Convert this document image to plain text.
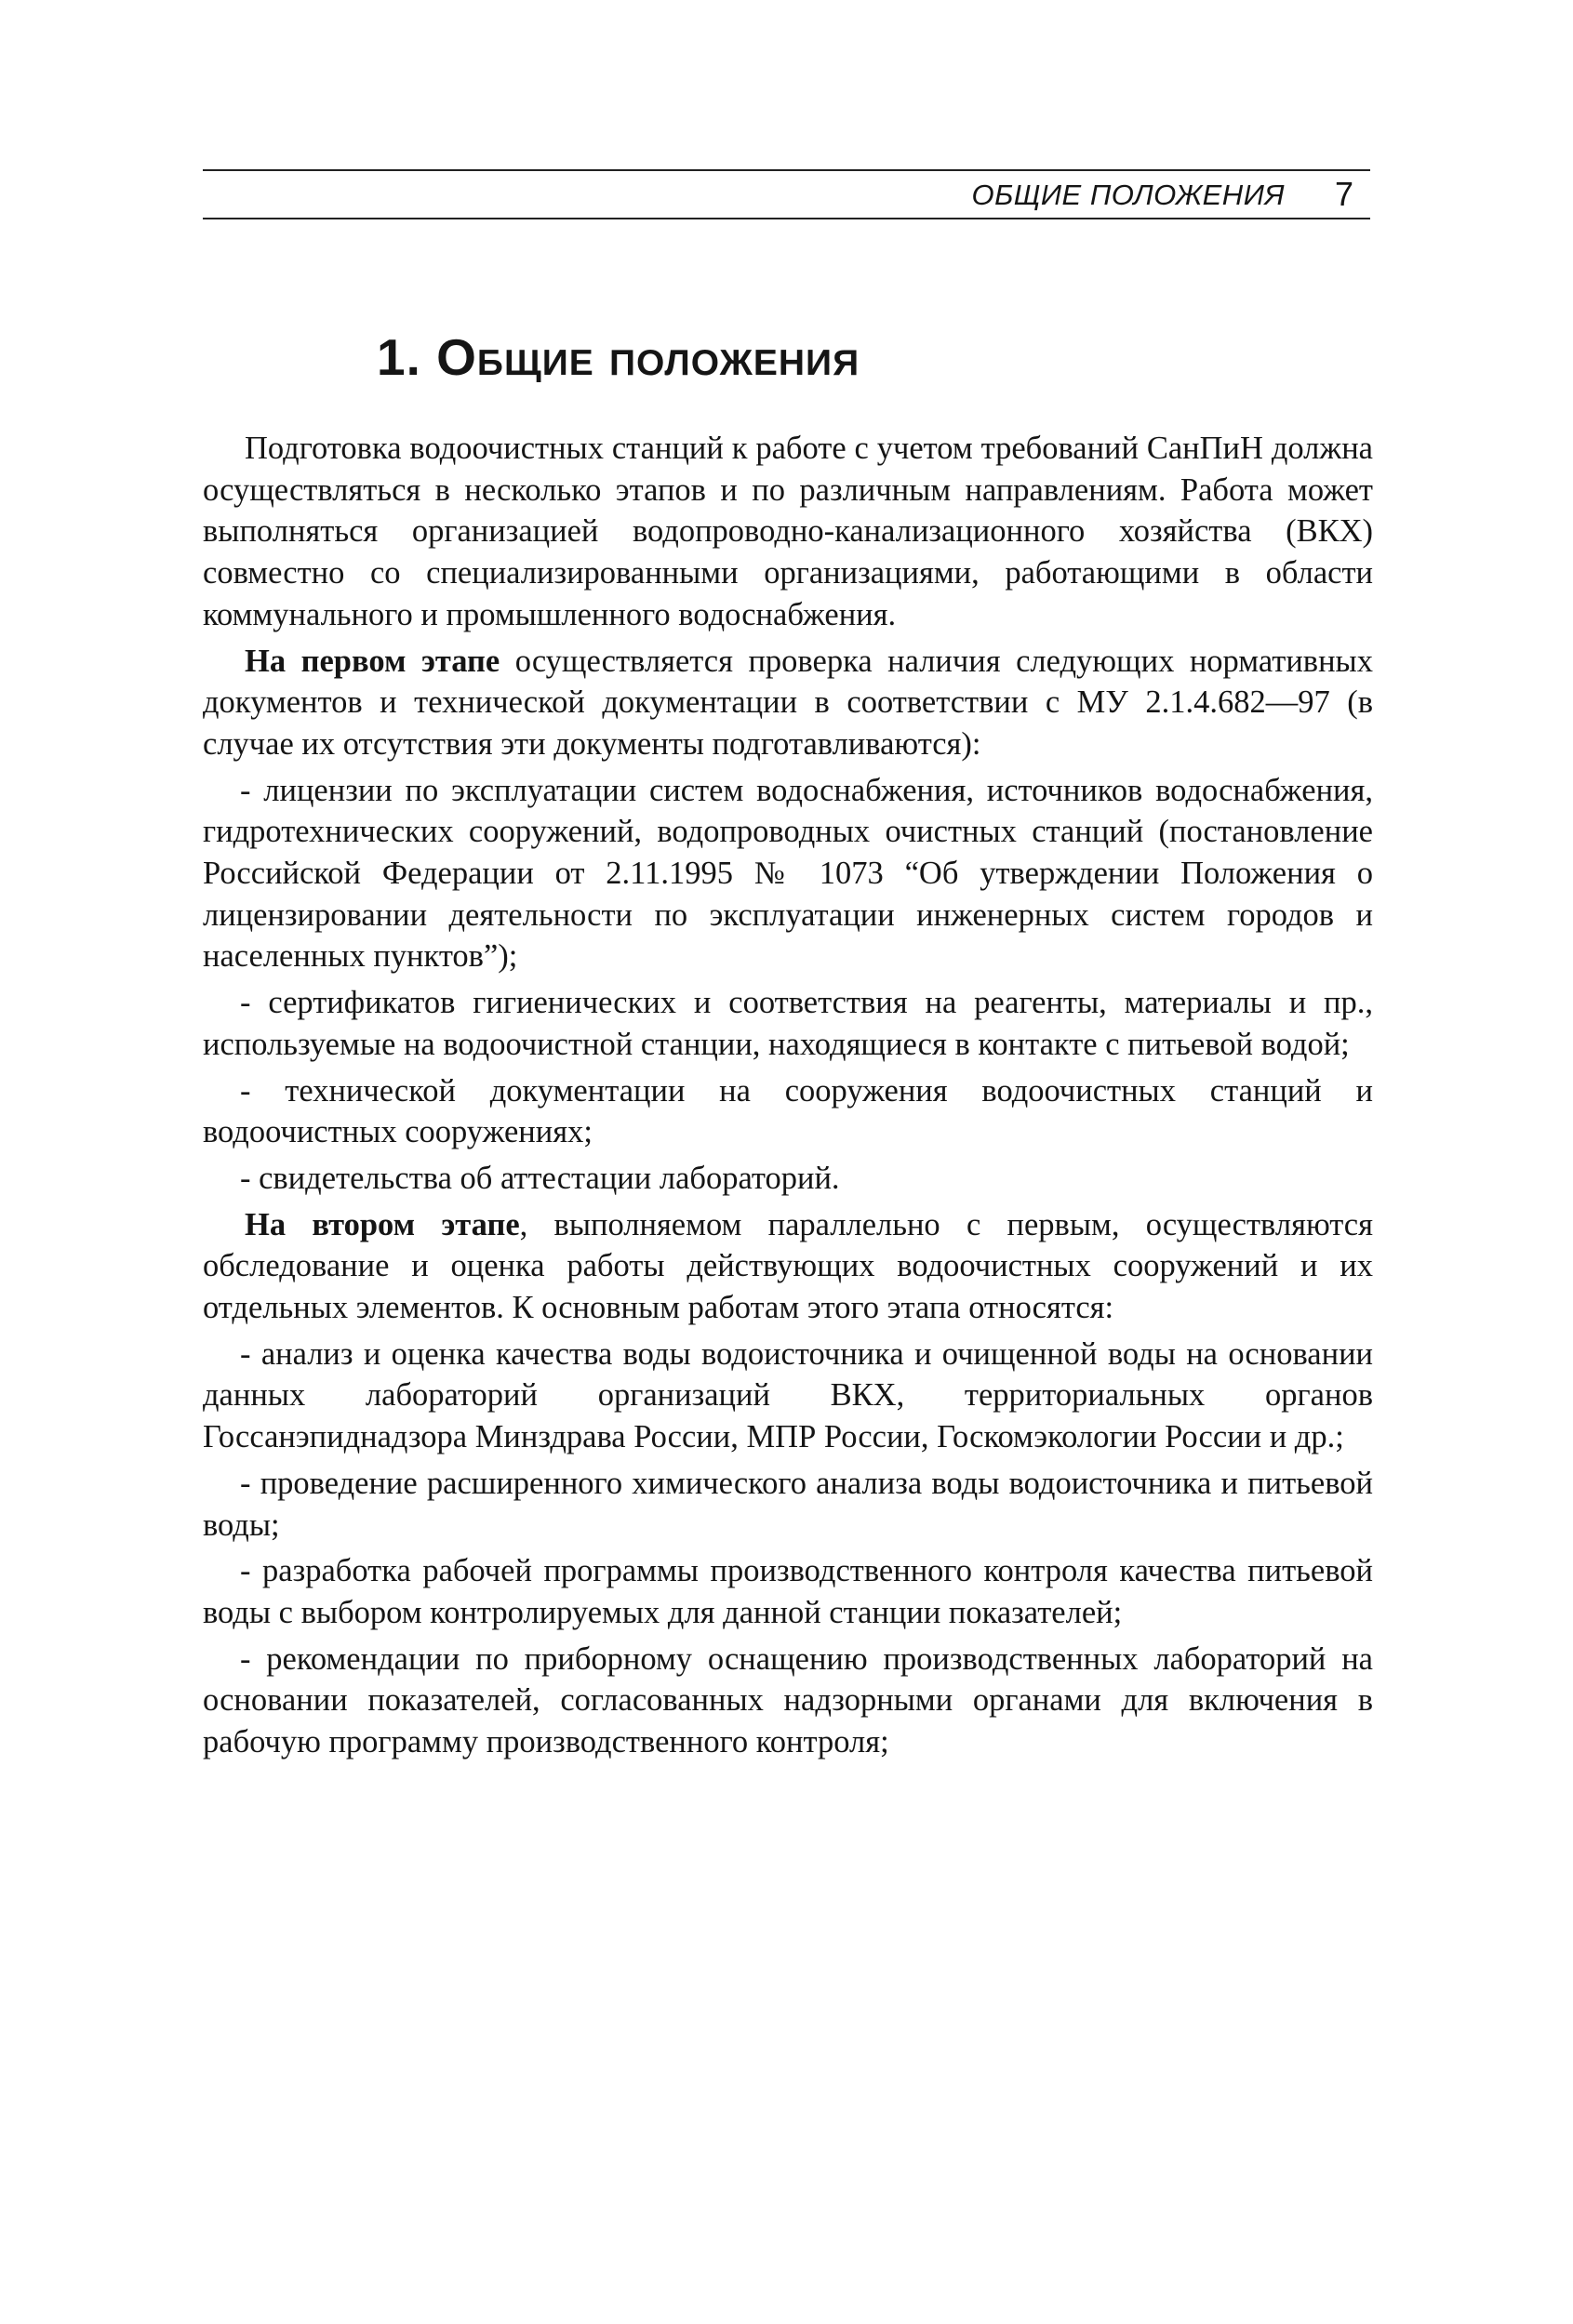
ОБЩИЕ ПОЛОЖЕНИЯ 7
1. Общие положения

Подготовка водоочистных станций к работе с учетом требований СанПиН должна осуществляться в несколько этапов и по различным направлениям. Работа может выполняться организацией водопроводно-канализационного хозяйства (ВКХ) совместно со специализированными организациями, работающими в области коммунального и промышленного водоснабжения.

На первом этапе осуществляется проверка наличия следующих нормативных документов и технической документации в соответствии с МУ 2.1.4.682—97 (в случае их отсутствия эти документы подготавливаются):

- лицензии по эксплуатации систем водоснабжения, источников водоснабжения, гидротехнических сооружений, водопроводных очистных станций (постановление Российской Федерации от 2.11.1995 № 1073 “Об утверждении Положения о лицензировании деятельности по эксплуатации инженерных систем городов и населенных пунктов”);

- сертификатов гигиенических и соответствия на реагенты, материалы и пр., используемые на водоочистной станции, находящиеся в контакте с питьевой водой;

- технической документации на сооружения водоочистных станций и водоочистных сооружениях;

- свидетельства об аттестации лабораторий.

На втором этапе, выполняемом параллельно с первым, осуществляются обследование и оценка работы действующих водоочистных сооружений и их отдельных элементов. К основным работам этого этапа относятся:

- анализ и оценка качества воды водоисточника и очищенной воды на основании данных лабораторий организаций ВКХ, территориальных органов Госсанэпиднадзора Минздрава России, МПР России, Госкомэкологии России и др.;

- проведение расширенного химического анализа воды водоисточника и питьевой воды;

- разработка рабочей программы производственного контроля качества питьевой воды с выбором контролируемых для данной станции показателей;

- рекомендации по приборному оснащению производственных лабораторий на основании показателей, согласованных надзорными органами для включения в рабочую программу производственного контроля;
